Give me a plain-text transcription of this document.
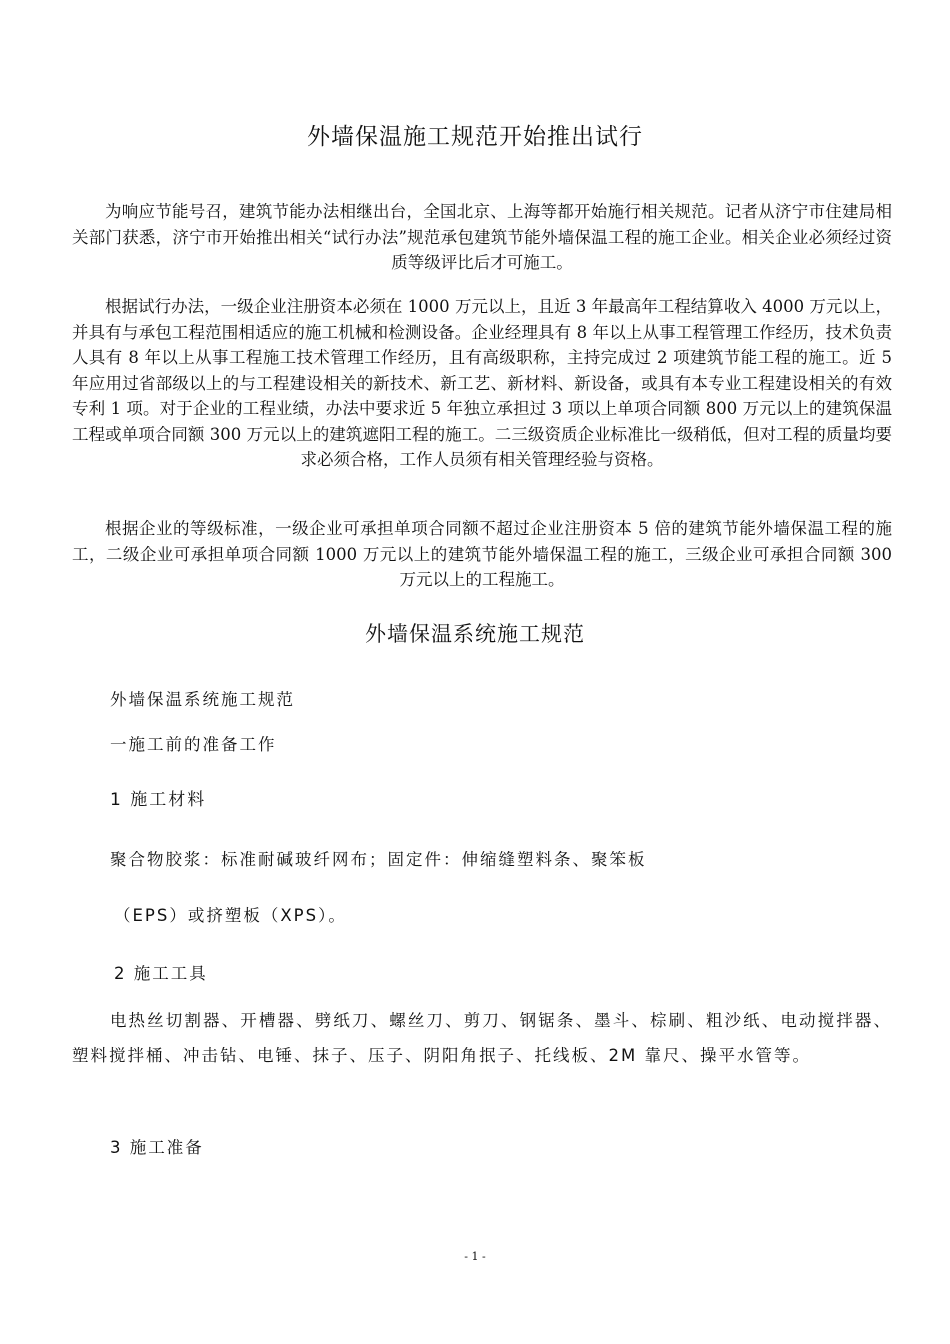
外墙保温施工规范开始推出试行

为响应节能号召，建筑节能办法相继出台，全国北京、上海等都开始施行相关规范。记者从济宁市住建局相关部门获悉，济宁市开始推出相关“试行办法”规范承包建筑节能外墙保温工程的施工企业。相关企业必须经过资质等级评比后才可施工。

根据试行办法，一级企业注册资本必须在 1000 万元以上，且近 3 年最高年工程结算收入 4000 万元以上，并具有与承包工程范围相适应的施工机械和检测设备。企业经理具有 8 年以上从事工程管理工作经历，技术负责人具有 8 年以上从事工程施工技术管理工作经历，且有高级职称，主持完成过 2 项建筑节能工程的施工。近 5 年应用过省部级以上的与工程建设相关的新技术、新工艺、新材料、新设备，或具有本专业工程建设相关的有效专利 1 项。对于企业的工程业绩，办法中要求近 5 年独立承担过 3 项以上单项合同额 800 万元以上的建筑保温工程或单项合同额 300 万元以上的建筑遮阳工程的施工。二三级资质企业标准比一级稍低，但对工程的质量均要求必须合格，工作人员须有相关管理经验与资格。

根据企业的等级标准，一级企业可承担单项合同额不超过企业注册资本 5 倍的建筑节能外墙保温工程的施工，二级企业可承担单项合同额 1000 万元以上的建筑节能外墙保温工程的施工，三级企业可承担合同额 300 万元以上的工程施工。

外墙保温系统施工规范

外墙保温系统施工规范

一施工前的准备工作

1 施工材料

聚合物胶浆：标准耐碱玻纤网布；固定件：伸缩缝塑料条、聚笨板

（EPS）或挤塑板（XPS）。

2 施工工具

电热丝切割器、开槽器、劈纸刀、螺丝刀、剪刀、钢锯条、墨斗、棕刷、粗沙纸、电动搅拌器、塑料搅拌桶、冲击钻、电锤、抹子、压子、阴阳角抿子、托线板、2M 靠尺、操平水管等。

3 施工准备

- 1 -
